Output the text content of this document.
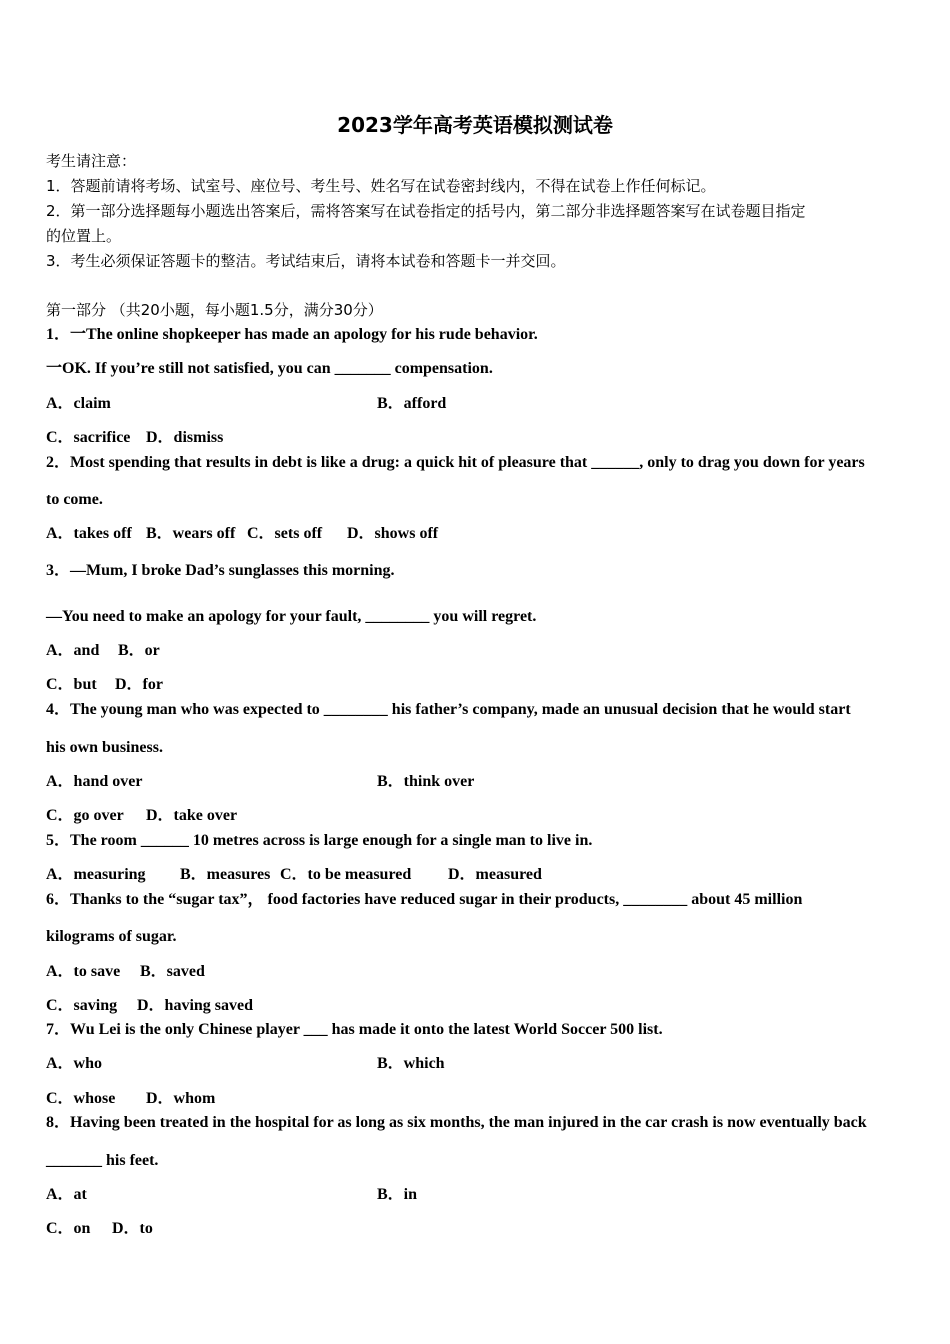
2023学年高考英语模拟测试卷
考生请注意：
1．答题前请将考场、试室号、座位号、考生号、姓名写在试卷密封线内，不得在试卷上作任何标记。
2．第一部分选择题每小题选出答案后，需将答案写在试卷指定的括号内，第二部分非选择题答案写在试卷题目指定
的位置上。
3．考生必须保证答题卡的整洁。考试结束后，请将本试卷和答题卡一并交回。
第一部分 （共20小题，每小题1.5分，满分30分）
1．一The online shopkeeper has made an apology for his rude behavior.
一OK. If you’re still not satisfied, you can _______ compensation.
A．claim	B．afford
C．sacrifice D．dismiss
2．Most spending that results in debt is like a drug: a quick hit of pleasure that ______, only to drag you down for years
to come.
A．takes off B．wears off C．sets off D．shows off
3．—Mum, I broke Dad’s sunglasses this morning.
—You need to make an apology for your fault, ________ you will regret.
A．and B．or
C．but D．for
4．The young man who was expected to ________ his father’s company, made an unusual decision that he would start
his own business.
A．hand over	B．think over
C．go over D．take over
5．The room ______ 10 metres across is large enough for a single man to live in.
A．measuring B．measures C．to be measured D．measured
6．Thanks to the “sugar tax”， food factories have reduced sugar in their products, ________ about 45 million
kilograms of sugar.
A．to save B．saved
C．saving D．having saved
7．Wu Lei is the only Chinese player ___ has made it onto the latest World Soccer 500 list.
A．who	B．which
C．whose D．whom
8．Having been treated in the hospital for as long as six months, the man injured in the car crash is now eventually back
_______ his feet.
A．at	B．in
C．on D．to
